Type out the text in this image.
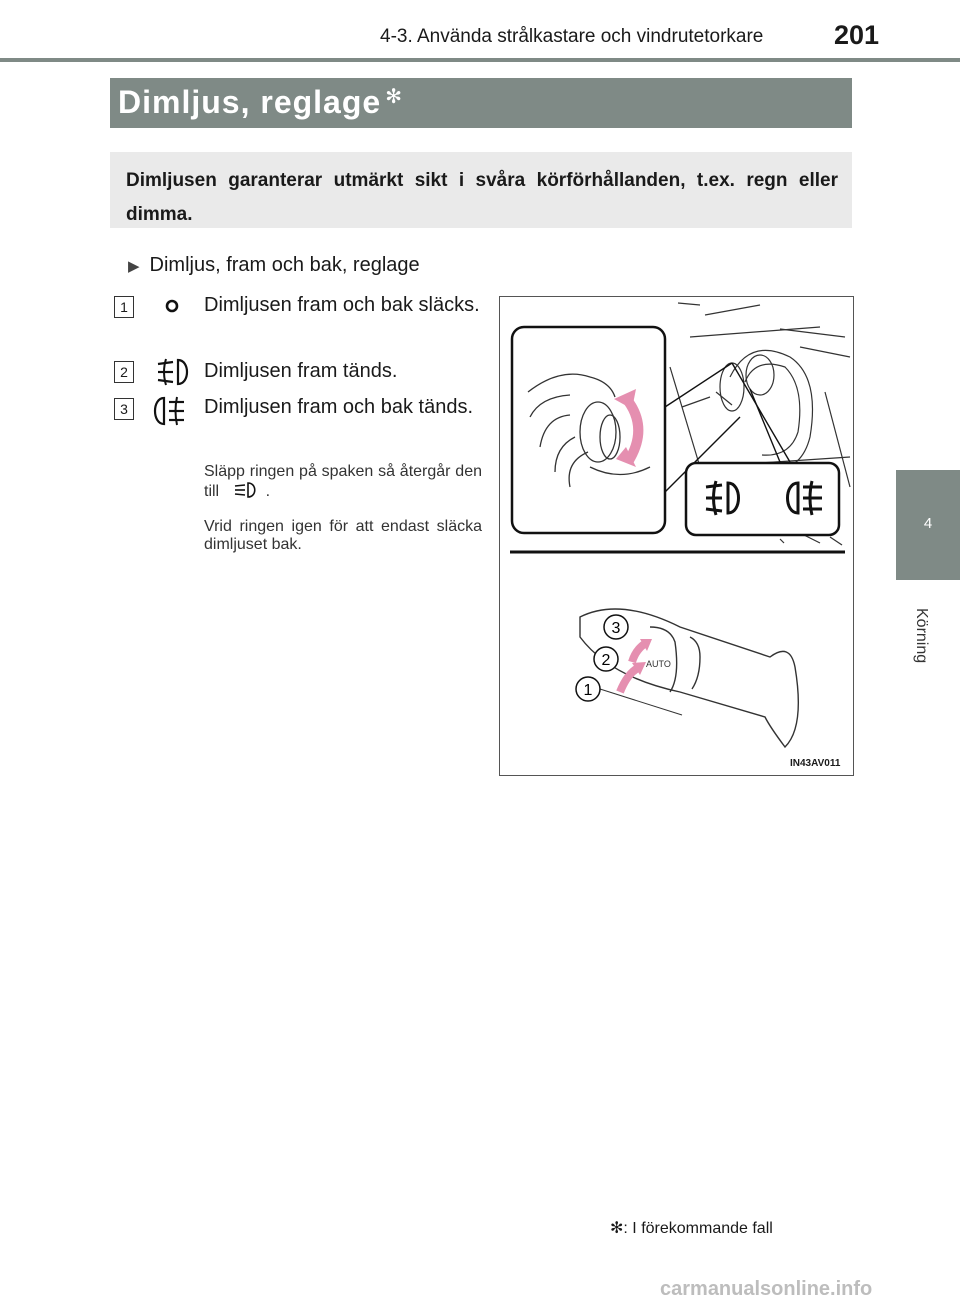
4-3. Använda strålkastare och vindrutetorkare	201
4
Körning
Dimljus, reglage ✻
Dimljusen garanterar utmärkt sikt i svåra körförhållanden, t.ex. regn eller dimma.
▶ Dimljus, fram och bak, reglage
1	Dimljusen fram och bak släcks.
2	Dimljusen fram tänds.
3	Dimljusen fram och bak tänds.
Släpp ringen på spaken så återgår den till	.
Vrid ringen igen för att endast släcka dimljuset bak.
AUTO
3
2
1
IN43AV011
✻: I förekommande fall
carmanualsonline.info
